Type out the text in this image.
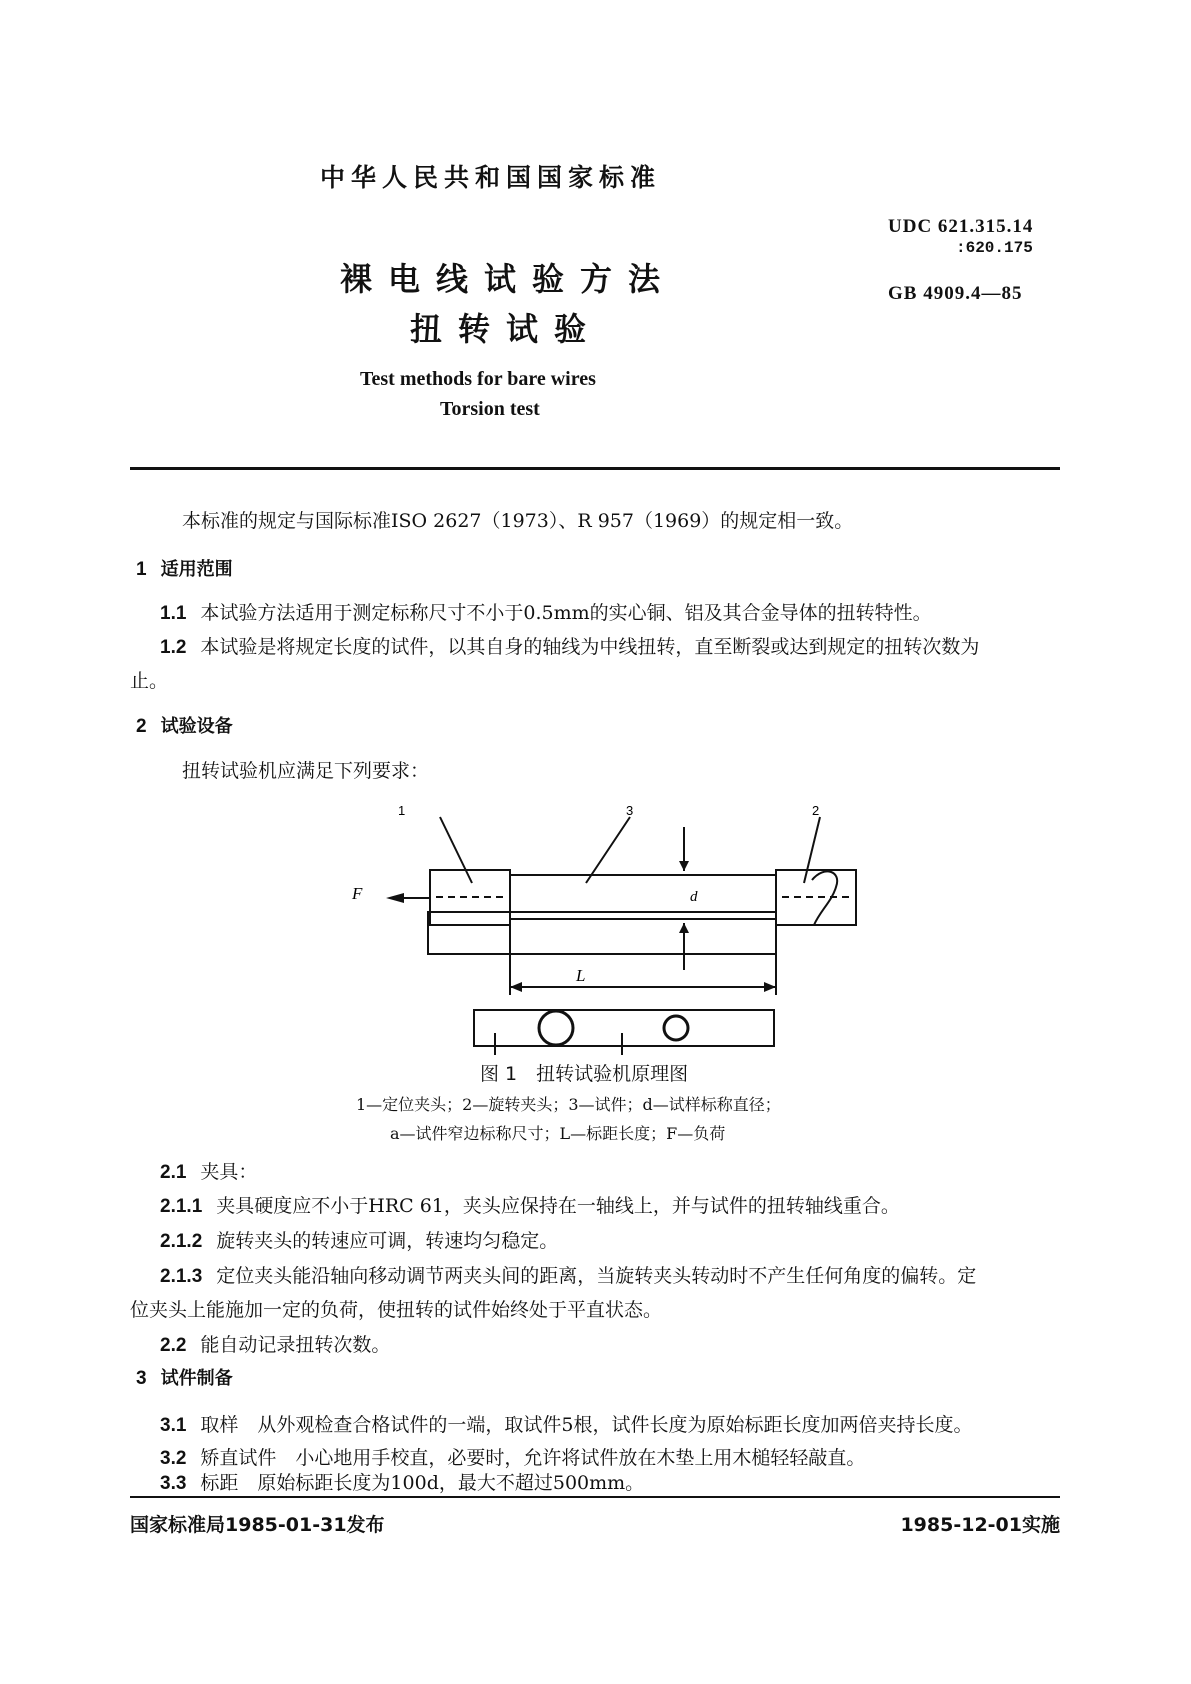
中华人民共和国国家标准
UDC 621.315.14
:620.175
GB 4909.4—85
裸电线试验方法
扭转试验
Test methods for bare wires
Torsion test
本标准的规定与国际标准ISO 2627（1973）、R 957（1969）的规定相一致。
1 适用范围
1.1 本试验方法适用于测定标称尺寸不小于0.5mm的实心铜、铝及其合金导体的扭转特性。
1.2 本试验是将规定长度的试件，以其自身的轴线为中线扭转，直至断裂或达到规定的扭转次数为
止。
2 试验设备
扭转试验机应满足下列要求：
1	3	2
F
L
d
图 1　扭转试验机原理图
1—定位夹头；2—旋转夹头；3—试件；d—试样标称直径；
a—试件窄边标称尺寸；L—标距长度；F—负荷
2.1 夹具：
2.1.1 夹具硬度应不小于HRC 61，夹头应保持在一轴线上，并与试件的扭转轴线重合。
2.1.2 旋转夹头的转速应可调，转速均匀稳定。
2.1.3 定位夹头能沿轴向移动调节两夹头间的距离，当旋转夹头转动时不产生任何角度的偏转。定
位夹头上能施加一定的负荷，使扭转的试件始终处于平直状态。
2.2 能自动记录扭转次数。
3 试件制备
3.1 取样　从外观检查合格试件的一端，取试件5根，试件长度为原始标距长度加两倍夹持长度。
3.2 矫直试件　小心地用手校直，必要时，允许将试件放在木垫上用木槌轻轻敲直。
3.3 标距　原始标距长度为100d，最大不超过500mm。
国家标准局1985-01-31发布	1985-12-01实施
